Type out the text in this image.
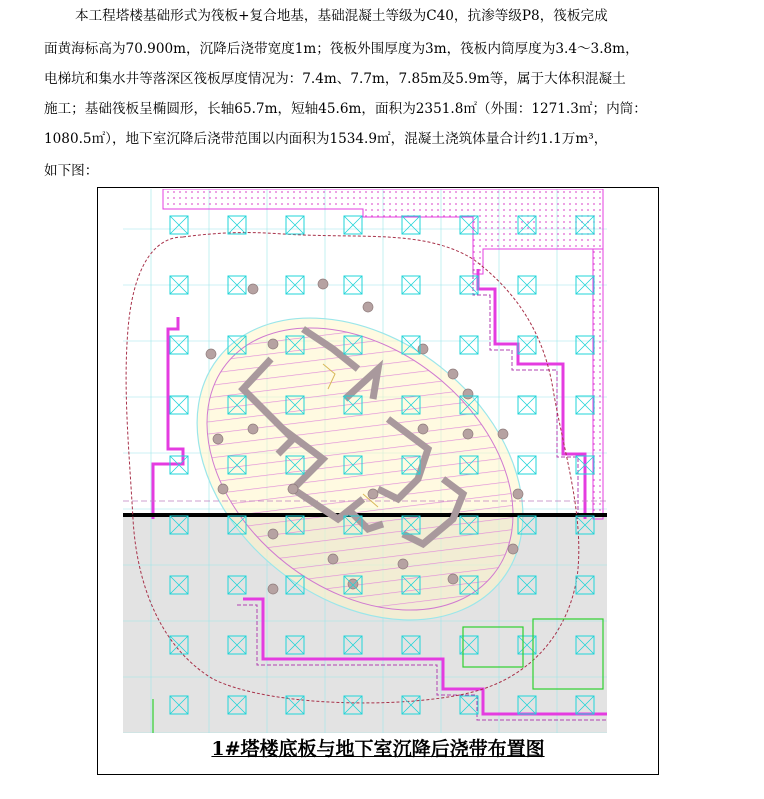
本工程塔楼基础形式为筏板+复合地基，基础混凝土等级为C40，抗渗等级P8，筏板完成
面黄海标高为70.900m，沉降后浇带宽度1m；筏板外围厚度为3m，筏板内筒厚度为3.4～3.8m，
电梯坑和集水井等落深区筏板厚度情况为：7.4m、7.7m，7.85m及5.9m等，属于大体积混凝土
施工；基础筏板呈椭圆形，长轴65.7m，短轴45.6m，面积为2351.8㎡（外围：1271.3㎡；内筒：
1080.5㎡），地下室沉降后浇带范围以内面积为1534.9㎡，混凝土浇筑体量合计约1.1万m³，
如下图：
1#塔楼底板与地下室沉降后浇带布置图
